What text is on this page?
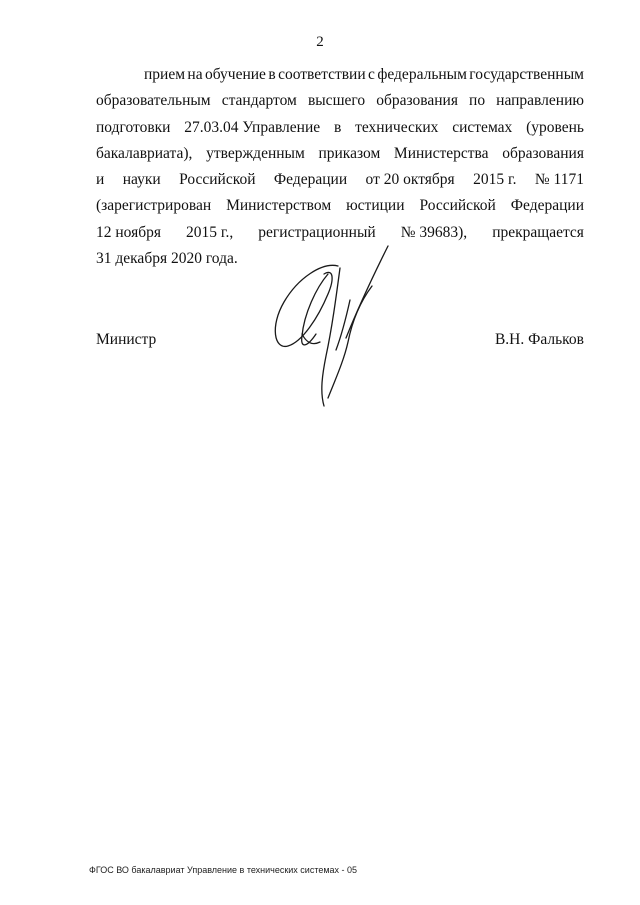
2
прием на обучение в соответствии с федеральным государственным
образовательным стандартом высшего образования по направлению
подготовки 27.03.04 Управление в технических системах (уровень
бакалавриата), утвержденным приказом Министерства образования
и науки Российской Федерации от 20 октября 2015 г. № 1171
(зарегистрирован Министерством юстиции Российской Федерации
12 ноября 2015 г., регистрационный № 39683), прекращается
31 декабря 2020 года.
Министр	В.Н. Фальков
ФГОС ВО бакалавриат Управление в технических системах - 05
